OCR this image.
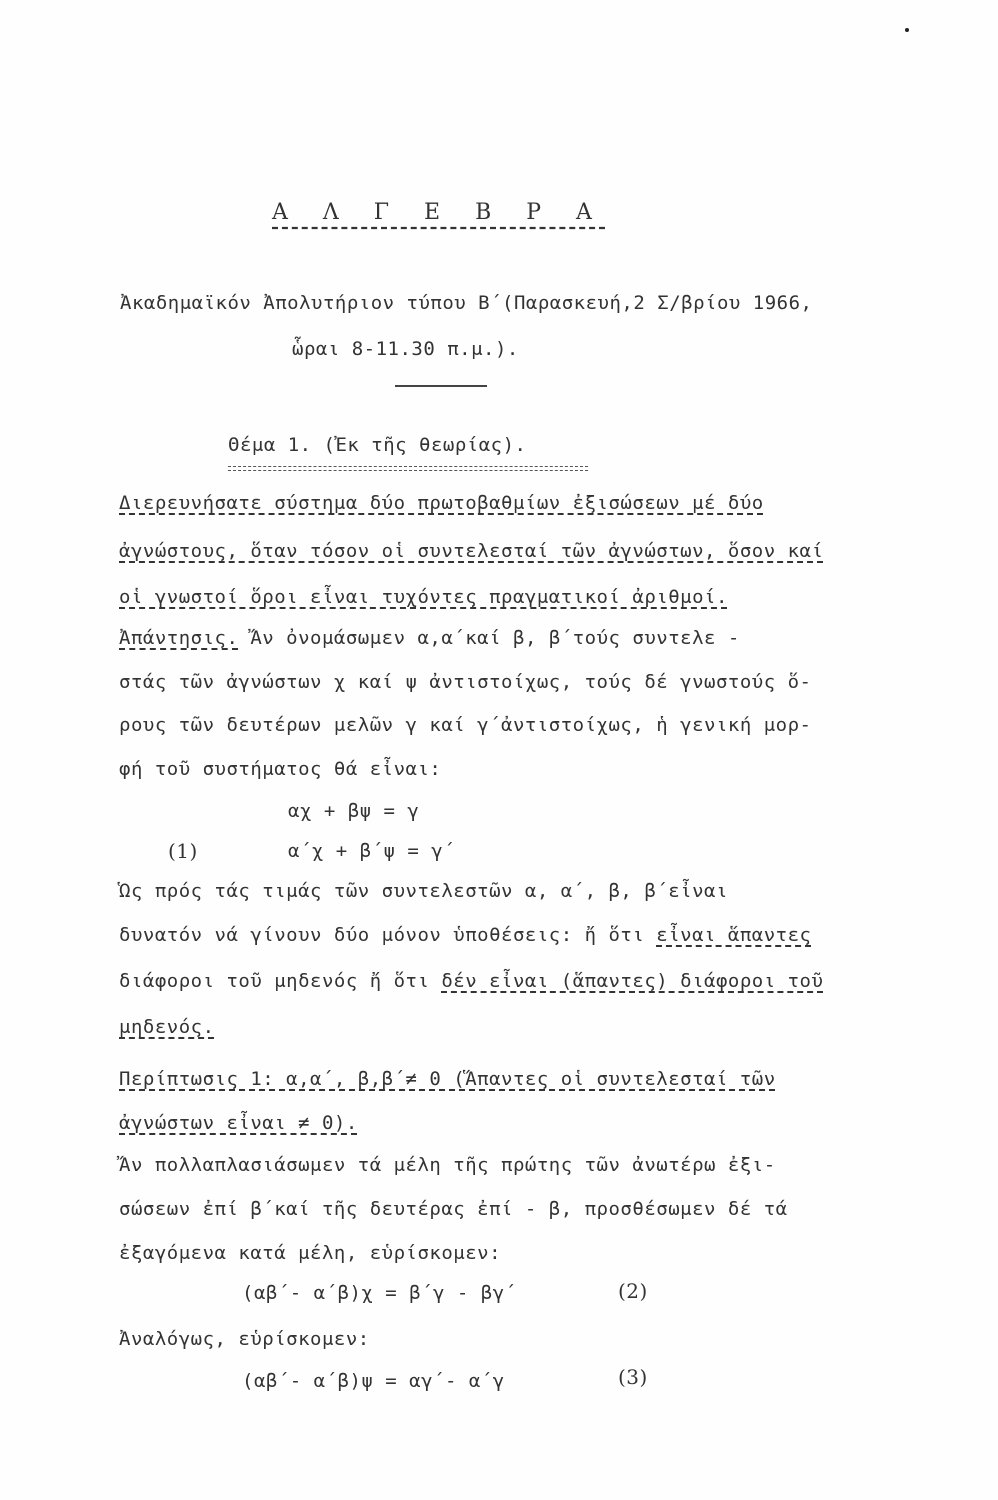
Α Λ Γ Ε Β Ρ Α
Ἀκαδημαϊκόν Ἀπολυτήριον τύπου Β΄(Παρασκευή,2 Σ/βρίου 1966,
ὧραι 8-11.30 π.μ.).
Θέμα 1. (Ἐκ τῆς θεωρίας).
Διερευνήσατε σύστημα δύο πρωτοβαθμίων ἐξισώσεων μέ δύο
ἀγνώστους, ὅταν τόσον οἱ συντελεσταί τῶν ἀγνώστων, ὅσον καί
οἱ γνωστοί ὅροι εἶναι τυχόντες πραγματικοί ἀριθμοί.
Ἀπάντησις. Ἄν ὀνομάσωμεν α,α΄καί β, β΄τούς συντελε -
στάς τῶν ἀγνώστων χ καί ψ ἀντιστοίχως, τούς δέ γνωστούς ὅ-
ρους τῶν δευτέρων μελῶν γ καί γ΄ἀντιστοίχως, ἡ γενική μορ-
φή τοῦ συστήματος θά εἶναι:
αχ + βψ = γ
(1)	α΄χ + β΄ψ = γ΄
Ὡς πρός τάς τιμάς τῶν συντελεστῶν α, α΄, β, β΄εἶναι
δυνατόν νά γίνουν δύο μόνον ὑποθέσεις: ἤ ὅτι εἶναι ἅπαντες
διάφοροι τοῦ μηδενός ἤ ὅτι δέν εἶναι (ἅπαντες) διάφοροι τοῦ
μηδενός.
Περίπτωσις 1: α,α΄, β,β΄≠ 0 (Ἅπαντες οἱ συντελεσταί τῶν
ἀγνώστων εἶναι ≠ 0).
Ἄν πολλαπλασιάσωμεν τά μέλη τῆς πρώτης τῶν ἀνωτέρω ἐξι-
σώσεων ἐπί β΄καί τῆς δευτέρας ἐπί - β, προσθέσωμεν δέ τά
ἐξαγόμενα κατά μέλη, εὑρίσκομεν:
(αβ΄- α΄β)χ = β΄γ - βγ΄	(2)
Ἀναλόγως, εὑρίσκομεν:
(αβ΄- α΄β)ψ = αγ΄- α΄γ	(3)
